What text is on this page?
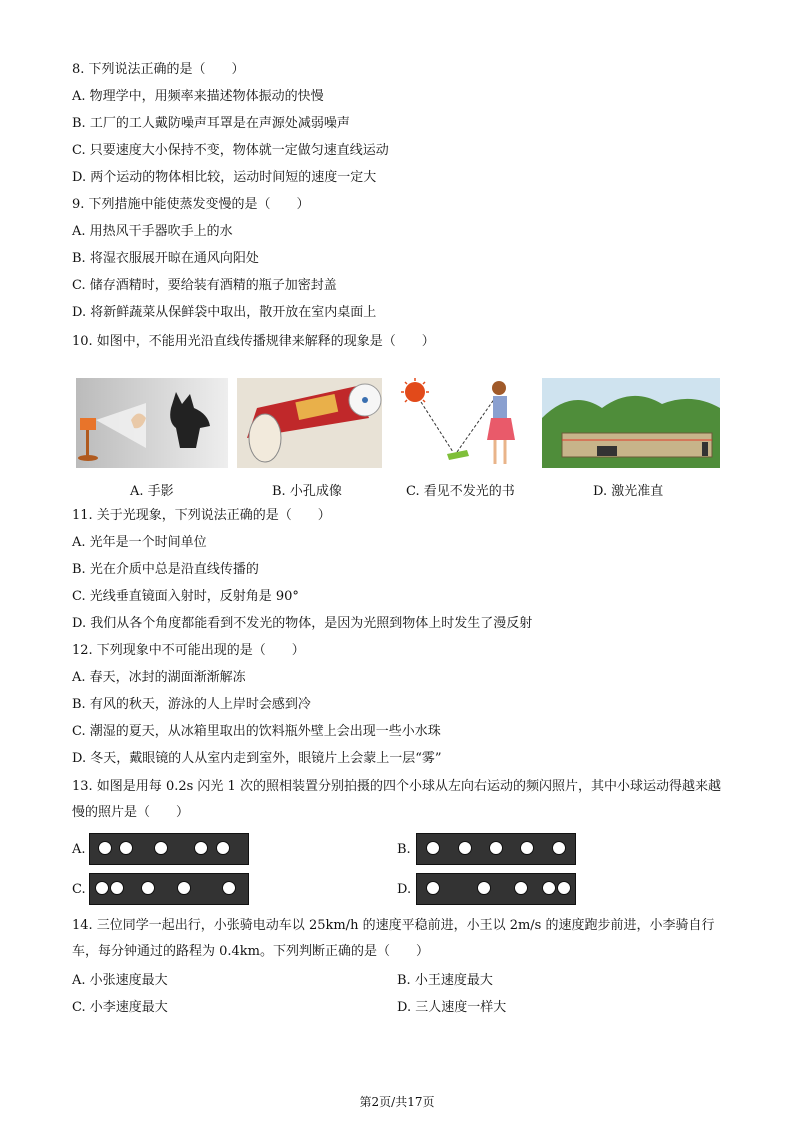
8. 下列说法正确的是（　　）
A. 物理学中，用频率来描述物体振动的快慢
B. 工厂的工人戴防噪声耳罩是在声源处减弱噪声
C. 只要速度大小保持不变，物体就一定做匀速直线运动
D. 两个运动的物体相比较，运动时间短的速度一定大
9. 下列措施中能使蒸发变慢的是（　　）
A. 用热风干手器吹手上的水
B. 将湿衣服展开晾在通风向阳处
C. 储存酒精时，要给装有酒精的瓶子加密封盖
D. 将新鲜蔬菜从保鲜袋中取出，散开放在室内桌面上
10. 如图中，不能用光沿直线传播规律来解释的现象是（　　）
A. 手影	B. 小孔成像	C. 看见不发光的书	D. 激光准直
11. 关于光现象，下列说法正确的是（　　）
A. 光年是一个时间单位
B. 光在介质中总是沿直线传播的
C. 光线垂直镜面入射时，反射角是 90°
D. 我们从各个角度都能看到不发光的物体，是因为光照到物体上时发生了漫反射
12. 下列现象中不可能出现的是（　　）
A. 春天，冰封的湖面渐渐解冻
B. 有风的秋天，游泳的人上岸时会感到冷
C. 潮湿的夏天，从冰箱里取出的饮料瓶外壁上会出现一些小水珠
D. 冬天，戴眼镜的人从室内走到室外，眼镜片上会蒙上一层“雾”
13. 如图是用每 0.2s 闪光 1 次的照相装置分别拍摄的四个小球从左向右运动的频闪照片，其中小球运动得越来越慢的照片是（　　）
A.	B.
C.	D.
14. 三位同学一起出行，小张骑电动车以 25km/h 的速度平稳前进，小王以 2m/s 的速度跑步前进，小李骑自行车，每分钟通过的路程为 0.4km。下列判断正确的是（　　）
A. 小张速度最大	B. 小王速度最大
C. 小李速度最大	D. 三人速度一样大
第2页/共17页
